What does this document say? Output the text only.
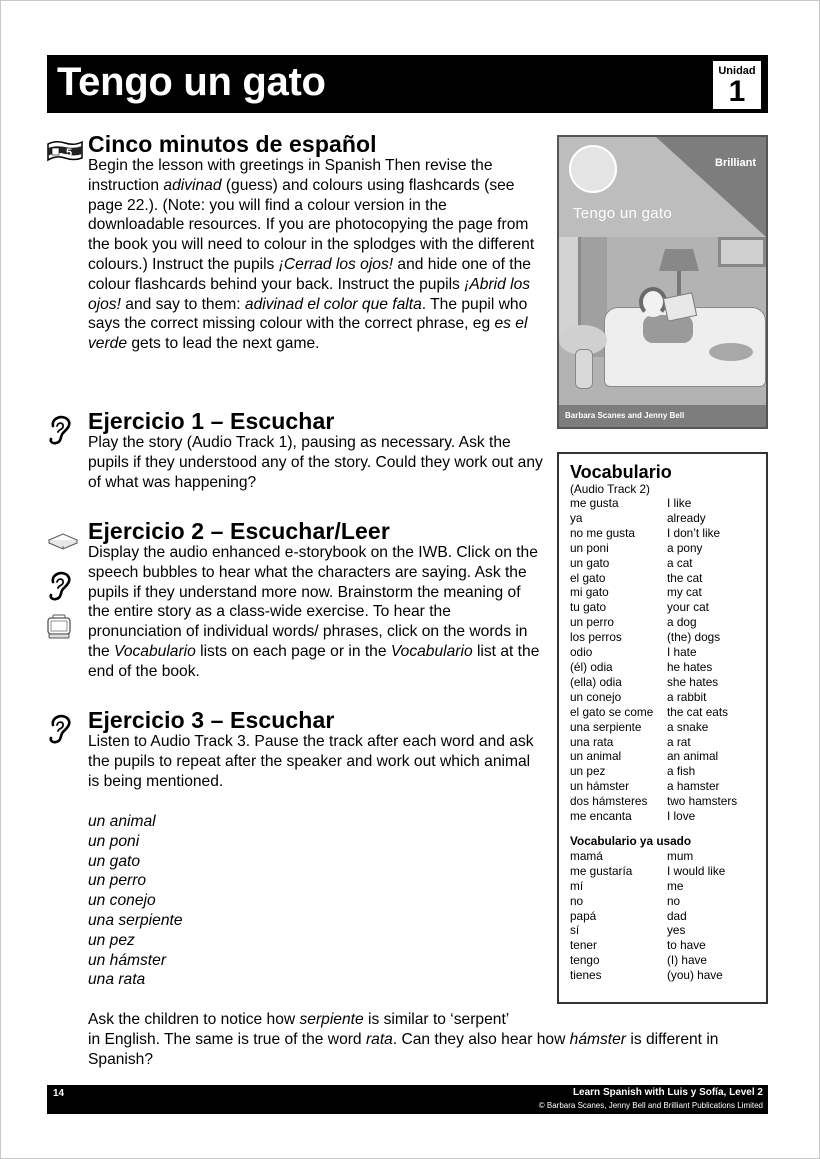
Tengo un gato	Unidad
1
5 Cinco minutos de español

Begin the lesson with greetings in Spanish Then revise the instruction adivinad (guess) and colours using flashcards (see page 22.). (Note: you will find a colour version in the downloadable resources. If you are photocopying the page from the book you will need to colour in the splodges with the different colours.) Instruct the pupils ¡Cerrad los ojos! and hide one of the colour flashcards behind your back. Instruct the pupils ¡Abrid los ojos! and say to them: adivinad el color que falta. The pupil who says the correct missing colour with the correct phrase, eg es el verde gets to lead the next game.

Ejercicio 1 – Escuchar

Play the story (Audio Track 1), pausing as necessary. Ask the pupils if they understood any of the story. Could they work out any of what was happening?

Ejercicio 2 – Escuchar/Leer

Display the audio enhanced e-storybook on the IWB. Click on the speech bubbles to hear what the characters are saying. Ask the pupils if they understand more now. Brainstorm the meaning of the entire story as a class-wide exercise. To hear the pronunciation of individual words/ phrases, click on the words in the Vocabulario lists on each page or in the Vocabulario list at the end of the book.

Ejercicio 3 – Escuchar

Listen to Audio Track 3. Pause the track after each word and ask the pupils to repeat after the speaker and work out which animal is being mentioned.

un animal
un poni
un gato
un perro
un conejo
una serpiente
un pez
un hámster
una rata

Ask the children to notice how serpiente is similar to ‘serpent’
in English. The same is true of the word rata. Can they also hear how hámster is different in Spanish?

Brilliant
Tengo un gato
Barbara Scanes and Jenny Bell
Vocabulario
(Audio Track 2)
me gusta	I like
ya	already
no me gusta	I don’t like
un poni	a pony
un gato	a cat
el gato	the cat
mi gato	my cat
tu gato	your cat
un perro	a dog
los perros	(the) dogs
odio	I hate
(él) odia	he hates
(ella) odia	she hates
un conejo	a rabbit
el gato se come	the cat eats
una serpiente	a snake
una rata	a rat
un animal	an animal
un pez	a fish
un hámster	a hamster
dos hámsteres	two hamsters
me encanta	I love
Vocabulario ya usado
mamá	mum
me gustaría	I would like
mí	me
no	no
papá	dad
sí	yes
tener	to have
tengo	(I) have
tienes	(you) have
14	Learn Spanish with Luis y Sofía, Level 2
© Barbara Scanes, Jenny Bell and Brilliant Publications Limited
